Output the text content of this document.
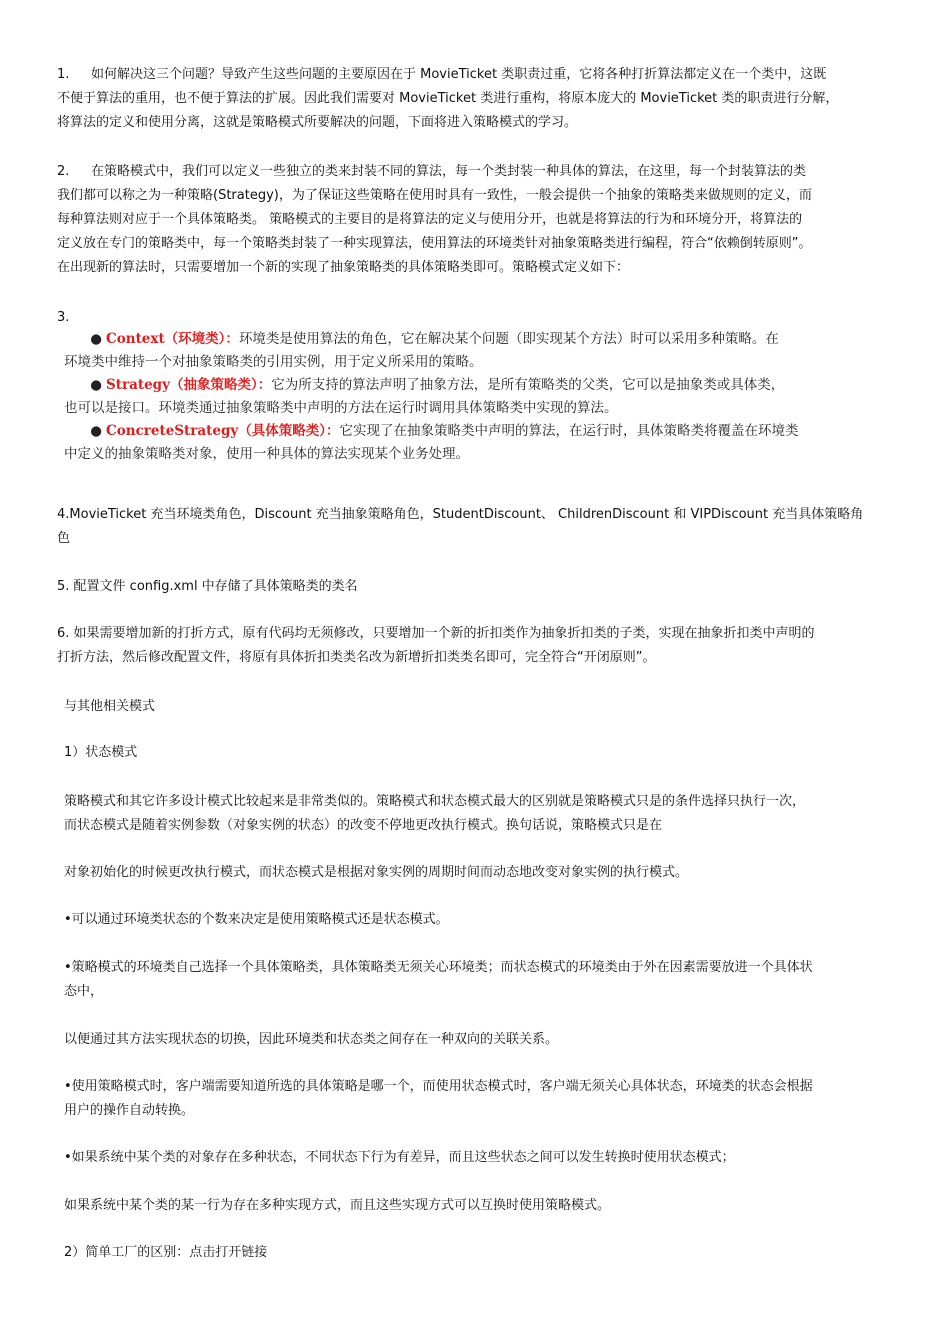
1. 如何解决这三个问题？导致产生这些问题的主要原因在于 MovieTicket 类职责过重，它将各种打折算法都定义在一个类中，这既
不便于算法的重用，也不便于算法的扩展。因此我们需要对 MovieTicket 类进行重构，将原本庞大的 MovieTicket 类的职责进行分解，
将算法的定义和使用分离，这就是策略模式所要解决的问题，下面将进入策略模式的学习。
2. 在策略模式中，我们可以定义一些独立的类来封装不同的算法，每一个类封装一种具体的算法，在这里，每一个封装算法的类
我们都可以称之为一种策略(Strategy)，为了保证这些策略在使用时具有一致性，一般会提供一个抽象的策略类来做规则的定义，而
每种算法则对应于一个具体策略类。 策略模式的主要目的是将算法的定义与使用分开，也就是将算法的行为和环境分开，将算法的
定义放在专门的策略类中，每一个策略类封装了一种实现算法，使用算法的环境类针对抽象策略类进行编程，符合“依赖倒转原则”。
在出现新的算法时，只需要增加一个新的实现了抽象策略类的具体策略类即可。策略模式定义如下：
3.
● Context（环境类）：环境类是使用算法的角色，它在解决某个问题（即实现某个方法）时可以采用多种策略。在
环境类中维持一个对抽象策略类的引用实例，用于定义所采用的策略。
● Strategy（抽象策略类）：它为所支持的算法声明了抽象方法，是所有策略类的父类，它可以是抽象类或具体类，
也可以是接口。环境类通过抽象策略类中声明的方法在运行时调用具体策略类中实现的算法。
● ConcreteStrategy（具体策略类）：它实现了在抽象策略类中声明的算法，在运行时，具体策略类将覆盖在环境类
中定义的抽象策略类对象，使用一种具体的算法实现某个业务处理。
4.MovieTicket 充当环境类角色，Discount 充当抽象策略角色，StudentDiscount、 ChildrenDiscount 和 VIPDiscount 充当具体策略角
色
5. 配置文件 config.xml 中存储了具体策略类的类名
6. 如果需要增加新的打折方式，原有代码均无须修改，只要增加一个新的折扣类作为抽象折扣类的子类，实现在抽象折扣类中声明的
打折方法，然后修改配置文件，将原有具体折扣类类名改为新增折扣类类名即可，完全符合“开闭原则”。
与其他相关模式
1）状态模式
策略模式和其它许多设计模式比较起来是非常类似的。策略模式和状态模式最大的区别就是策略模式只是的条件选择只执行一次，
而状态模式是随着实例参数（对象实例的状态）的改变不停地更改执行模式。换句话说，策略模式只是在
对象初始化的时候更改执行模式，而状态模式是根据对象实例的周期时间而动态地改变对象实例的执行模式。
•可以通过环境类状态的个数来决定是使用策略模式还是状态模式。
•策略模式的环境类自己选择一个具体策略类，具体策略类无须关心环境类；而状态模式的环境类由于外在因素需要放进一个具体状
态中，
以便通过其方法实现状态的切换，因此环境类和状态类之间存在一种双向的关联关系。
•使用策略模式时，客户端需要知道所选的具体策略是哪一个，而使用状态模式时，客户端无须关心具体状态，环境类的状态会根据
用户的操作自动转换。
•如果系统中某个类的对象存在多种状态，不同状态下行为有差异，而且这些状态之间可以发生转换时使用状态模式；
如果系统中某个类的某一行为存在多种实现方式，而且这些实现方式可以互换时使用策略模式。
2）简单工厂的区别：点击打开链接
